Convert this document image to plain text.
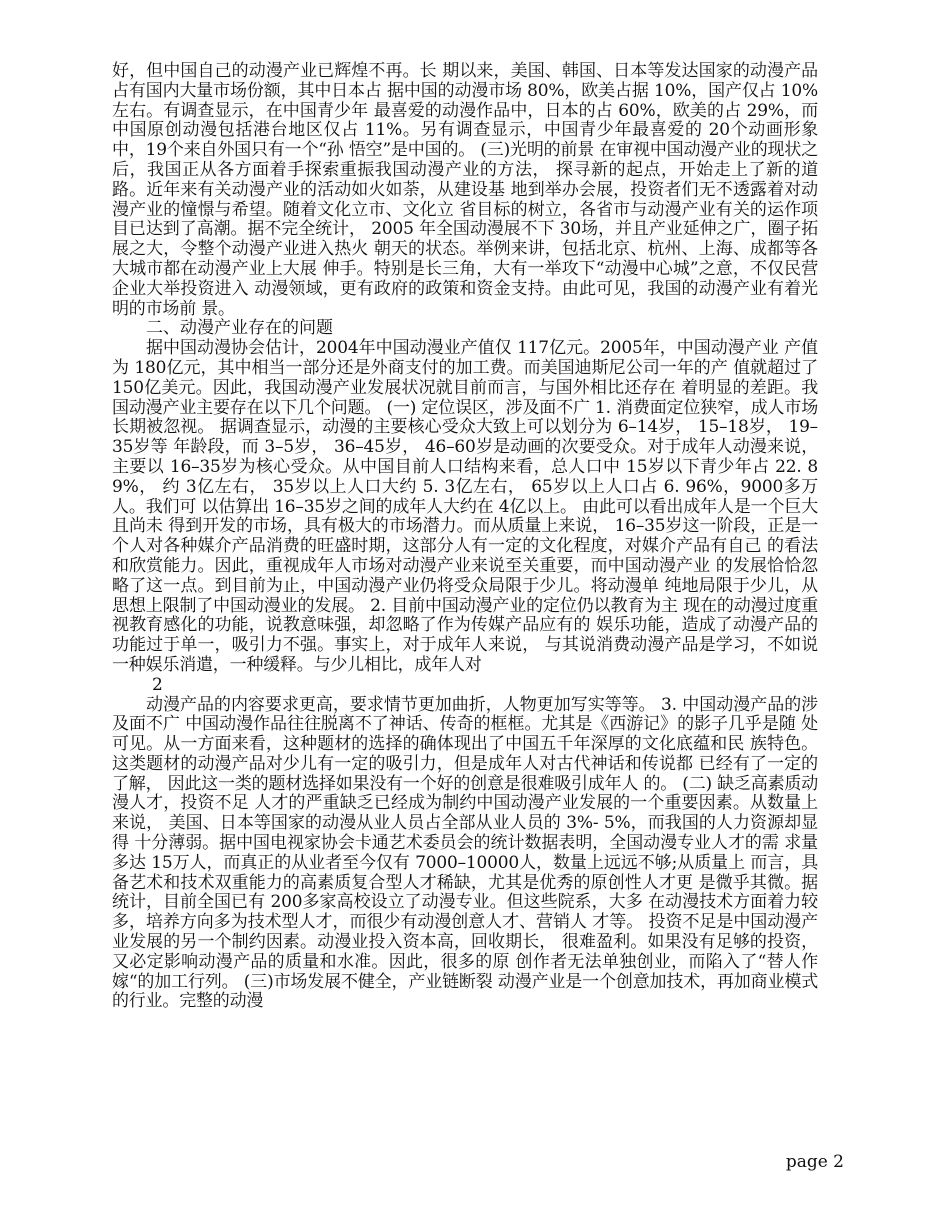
好，但中国自己的动漫产业已辉煌不再。长 期以来，美国、韩国、日本等发达国家的动漫产品占有国内大量市场份额，其中日本占 据中国的动漫市场 80%，欧美占据 10%，国产仅占 10%左右。有调查显示，在中国青少年 最喜爱的动漫作品中，日本的占 60%，欧美的占 29%，而中国原创动漫包括港台地区仅占 11%。另有调查显示，中国青少年最喜爱的 20个动画形象中，19个来自外国只有一个“孙 悟空”是中国的。 (三)光明的前景 在审视中国动漫产业的现状之后，我国正从各方面着手探索重振我国动漫产业的方法， 探寻新的起点，开始走上了新的道路。近年来有关动漫产业的活动如火如荼，从建设基 地到举办会展，投资者们无不透露着对动漫产业的憧憬与希望。随着文化立市、文化立 省目标的树立，各省市与动漫产业有关的运作项目已达到了高潮。据不完全统计， 2005 年全国动漫展不下 30场，并且产业延伸之广，圈子拓展之大，令整个动漫产业进入热火 朝天的状态。举例来讲，包括北京、杭州、上海、成都等各大城市都在动漫产业上大展 伸手。特别是长三角，大有一举攻下“动漫中心城”之意，不仅民营企业大举投资进入 动漫领域，更有政府的政策和资金支持。由此可见，我国的动漫产业有着光明的市场前 景。

二、动漫产业存在的问题

据中国动漫协会估计，2004年中国动漫业产值仅 117亿元。2005年，中国动漫产业 产值为 180亿元，其中相当一部分还是外商支付的加工费。而美国迪斯尼公司一年的产 值就超过了 150亿美元。因此，我国动漫产业发展状况就目前而言，与国外相比还存在 着明显的差距。我国动漫产业主要存在以下几个问题。 (一) 定位误区，涉及面不广 1. 消费面定位狭窄，成人市场长期被忽视。 据调查显示，动漫的主要核心受众大致上可以划分为 6–14岁， 15–18岁， 19–35岁等 年龄段，而 3–5岁， 36–45岁， 46–60岁是动画的次要受众。对于成年人动漫来说，主要以 16–35岁为核心受众。从中国目前人口结构来看，总人口中 15岁以下青少年占 22. 89%， 约 3亿左右， 35岁以上人口大约 5. 3亿左右， 65岁以上人口占 6. 96%，9000多万人。我们可 以估算出 16–35岁之间的成年人大约在 4亿以上。 由此可以看出成年人是一个巨大且尚未 得到开发的市场，具有极大的市场潜力。而从质量上来说， 16–35岁这一阶段，正是一 个人对各种媒介产品消费的旺盛时期，这部分人有一定的文化程度，对媒介产品有自己 的看法和欣赏能力。因此，重视成年人市场对动漫产业来说至关重要，而中国动漫产业 的发展恰恰忽略了这一点。到目前为止，中国动漫产业仍将受众局限于少儿。将动漫单 纯地局限于少儿，从思想上限制了中国动漫业的发展。 2. 目前中国动漫产业的定位仍以教育为主 现在的动漫过度重视教育感化的功能，说教意味强，却忽略了作为传媒产品应有的 娱乐功能，造成了动漫产品的功能过于单一，吸引力不强。事实上，对于成年人来说， 与其说消费动漫产品是学习，不如说一种娱乐消遣，一种缓释。与少儿相比，成年人对

2

动漫产品的内容要求更高，要求情节更加曲折，人物更加写实等等。 3. 中国动漫产品的涉及面不广 中国动漫作品往往脱离不了神话、传奇的框框。尤其是《西游记》的影子几乎是随 处可见。从一方面来看，这种题材的选择的确体现出了中国五千年深厚的文化底蕴和民 族特色。这类题材的动漫产品对少儿有一定的吸引力，但是成年人对古代神话和传说都 已经有了一定的了解， 因此这一类的题材选择如果没有一个好的创意是很难吸引成年人 的。 (二) 缺乏高素质动漫人才，投资不足 人才的严重缺乏已经成为制约中国动漫产业发展的一个重要因素。从数量上来说， 美国、日本等国家的动漫从业人员占全部从业人员的 3%- 5%，而我国的人力资源却显得 十分薄弱。据中国电视家协会卡通艺术委员会的统计数据表明，全国动漫专业人才的需 求量多达 15万人，而真正的从业者至今仅有 7000–10000人，数量上远远不够;从质量上 而言，具备艺术和技术双重能力的高素质复合型人才稀缺，尤其是优秀的原创性人才更 是微乎其微。据统计，目前全国已有 200多家高校设立了动漫专业。但这些院系，大多 在动漫技术方面着力较多，培养方向多为技术型人才，而很少有动漫创意人才、营销人 才等。 投资不足是中国动漫产业发展的另一个制约因素。动漫业投入资本高，回收期长， 很难盈利。如果没有足够的投资，又必定影响动漫产品的质量和水准。因此，很多的原 创作者无法单独创业，而陷入了“替人作嫁“的加工行列。 (三)市场发展不健全，产业链断裂 动漫产业是一个创意加技术，再加商业模式的行业。完整的动漫

page 2
